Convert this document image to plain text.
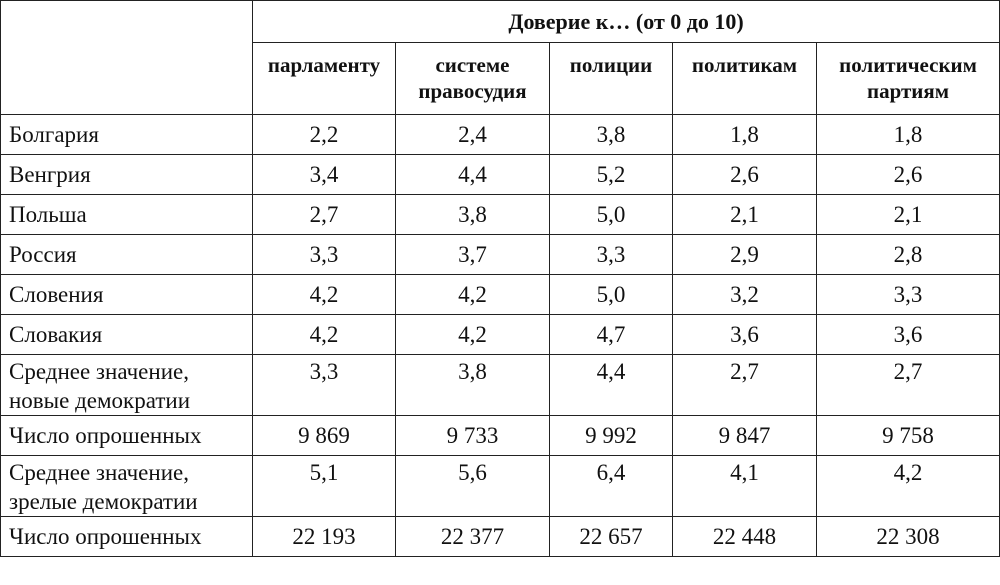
	Доверие к… (от 0 до 10)				
	парламенту	системе правосудия	полиции	политикам	политическим партиям
Болгария	2,2	2,4	3,8	1,8	1,8
Венгрия	3,4	4,4	5,2	2,6	2,6
Польша	2,7	3,8	5,0	2,1	2,1
Россия	3,3	3,7	3,3	2,9	2,8
Словения	4,2	4,2	5,0	3,2	3,3
Словакия	4,2	4,2	4,7	3,6	3,6
Среднее значение, новые демократии	3,3	3,8	4,4	2,7	2,7
Число опрошенных	9 869	9 733	9 992	9 847	9 758
Среднее значение, зрелые демократии	5,1	5,6	6,4	4,1	4,2
Число опрошенных	22 193	22 377	22 657	22 448	22 308
